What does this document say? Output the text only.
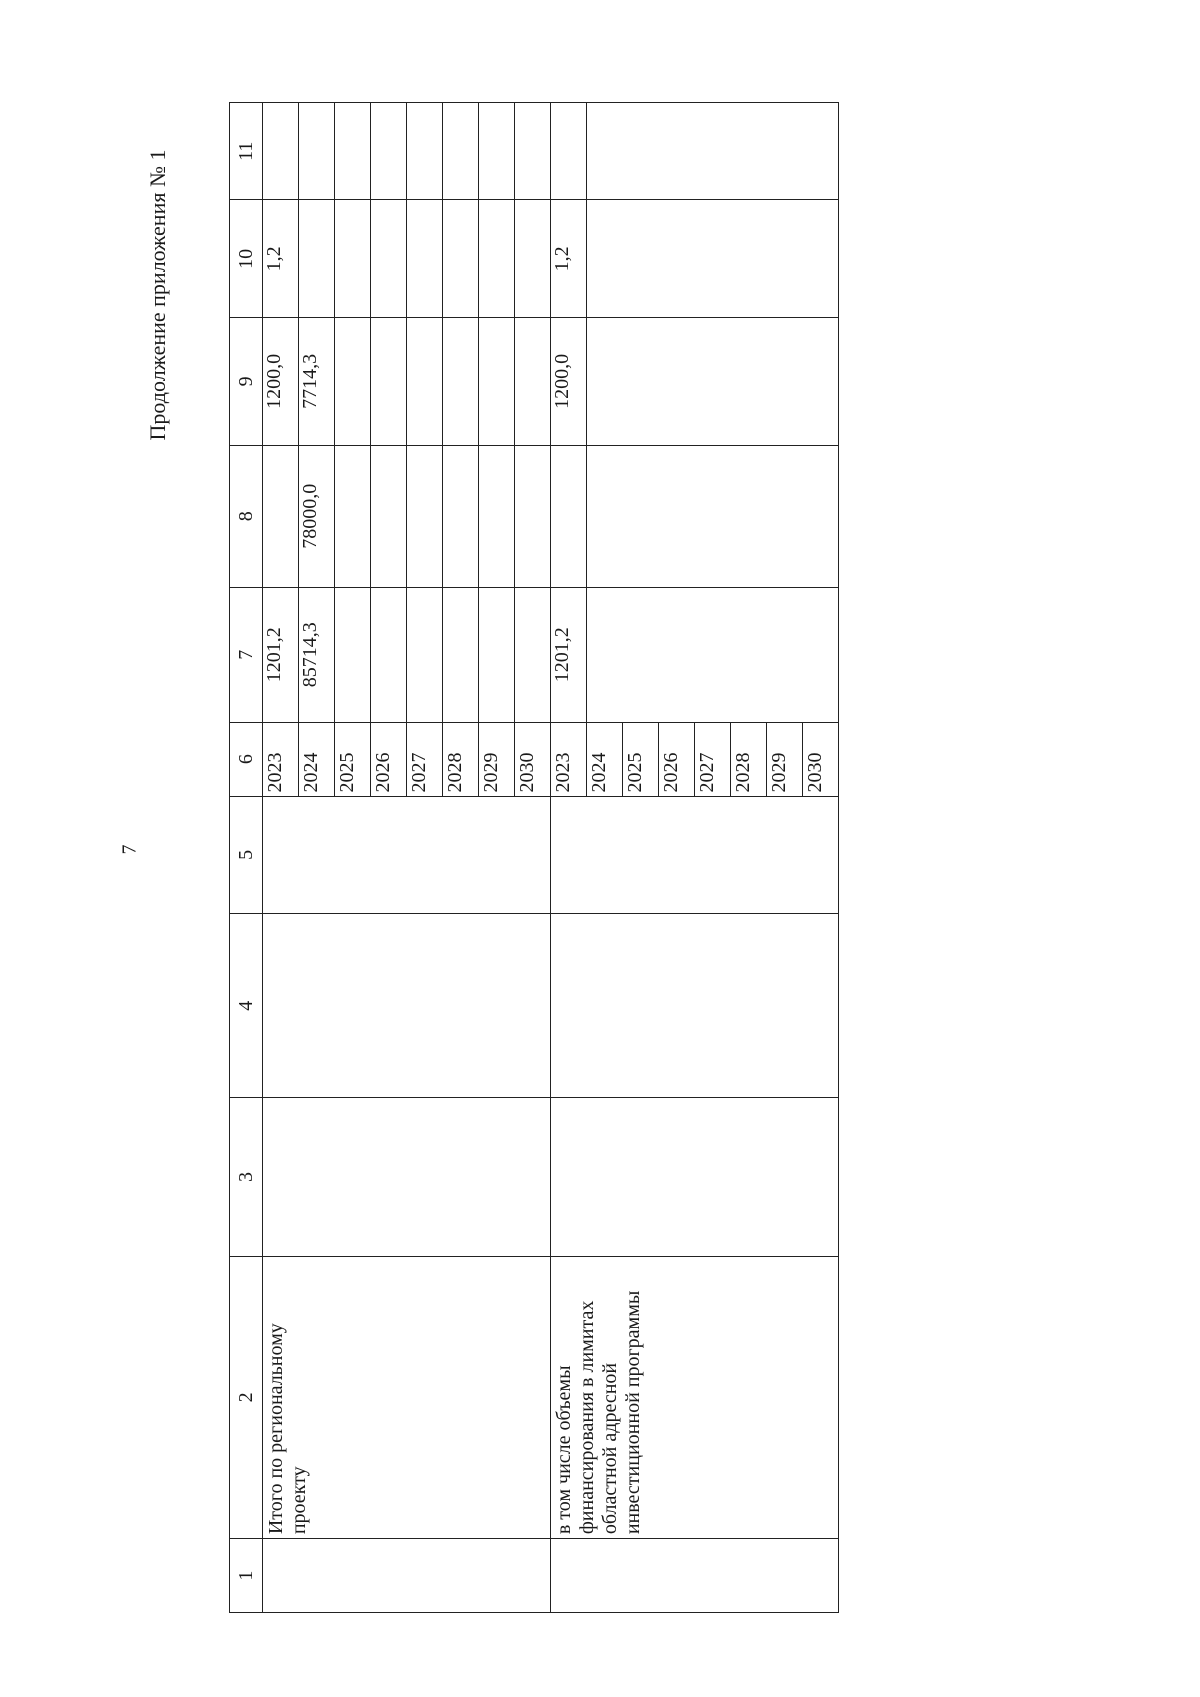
7
Продолжение приложения № 1
1	2	3	4	5	6	7	8	9	10	11
	Итого по региональному проекту				2023	1201,2		1200,0	1,2	
					2024	85714,3	78000,0	7714,3		
					2025					
					2026					
					2027					
					2028					
					2029					
					2030					
	в том числе объемы финансирования в лимитах областной адресной инвестиционной программы				2023	1201,2		1200,0	1,2	
					2024					
					2025					
					2026					
					2027					
					2028					
					2029					
					2030					
